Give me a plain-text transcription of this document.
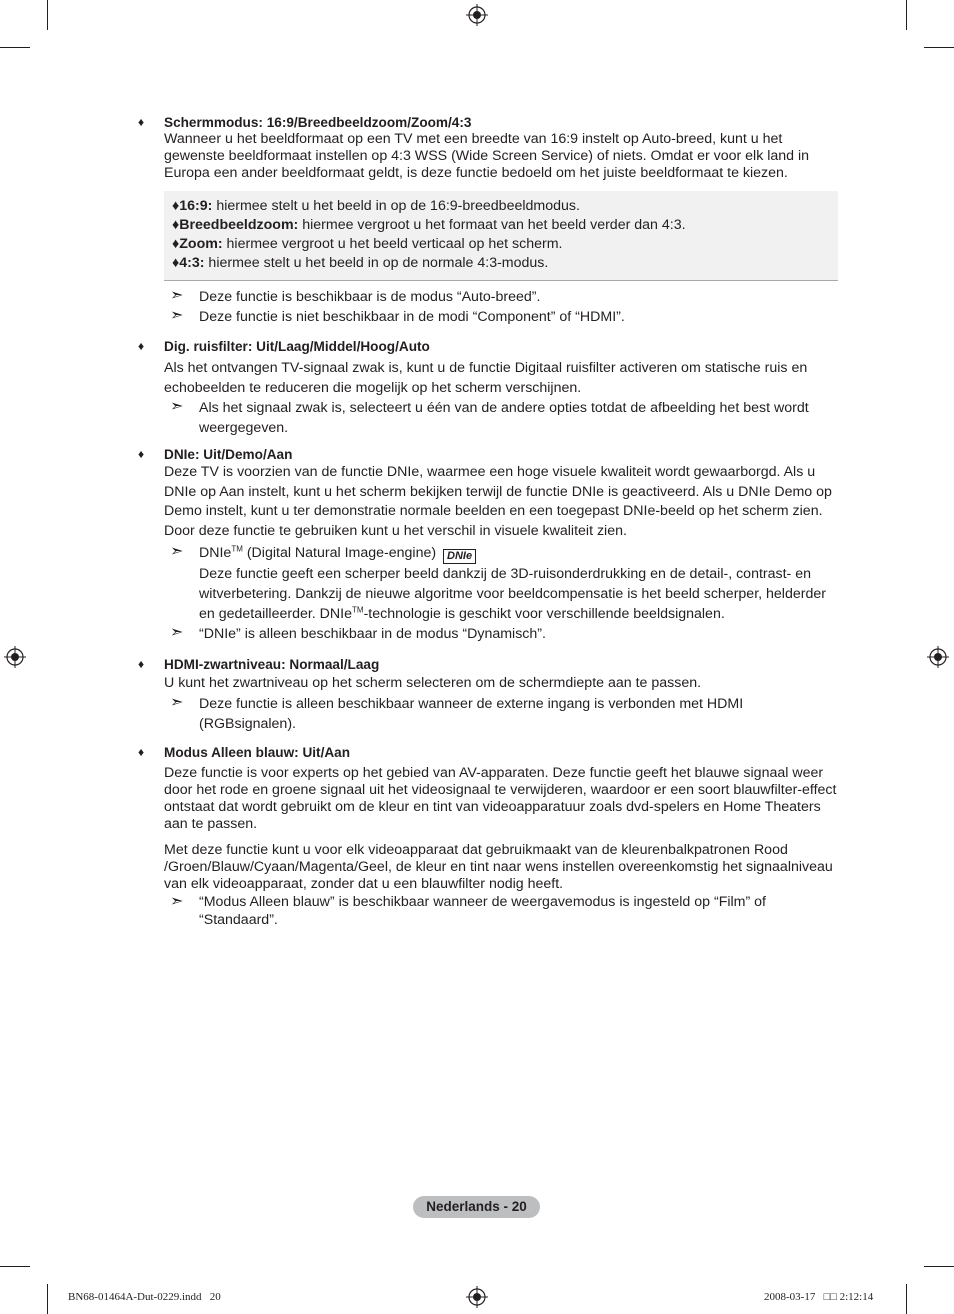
♦ Schermmodus: 16:9/Breedbeeldzoom/Zoom/4:3

Wanneer u het beeldformaat op een TV met een breedte van 16:9 instelt op Auto-breed, kunt u het gewenste beeldformaat instellen op 4:3 WSS (Wide Screen Service) of niets. Omdat er voor elk land in Europa een ander beeldformaat geldt, is deze functie bedoeld om het juiste beeldformaat te kiezen.

♦16:9: hiermee stelt u het beeld in op de 16:9-breedbeeldmodus.
♦Breedbeeldzoom: hiermee vergroot u het formaat van het beeld verder dan 4:3.
♦Zoom: hiermee vergroot u het beeld verticaal op het scherm.
♦4:3: hiermee stelt u het beeld in op de normale 4:3-modus.
➣ Deze functie is beschikbaar is de modus “Auto-breed”.
➣ Deze functie is niet beschikbaar in de modi “Component” of “HDMI”.
♦ Dig. ruisfilter: Uit/Laag/Middel/Hoog/Auto

Als het ontvangen TV-signaal zwak is, kunt u de functie Digitaal ruisfilter activeren om statische ruis en echobeelden te reduceren die mogelijk op het scherm verschijnen.

➣ Als het signaal zwak is, selecteert u één van de andere opties totdat de afbeelding het best wordt weergegeven.
♦ DNIe: Uit/Demo/Aan

Deze TV is voorzien van de functie DNIe, waarmee een hoge visuele kwaliteit wordt gewaarborgd. Als u DNIe op Aan instelt, kunt u het scherm bekijken terwijl de functie DNIe is geactiveerd. Als u DNIe Demo op Demo instelt, kunt u ter demonstratie normale beelden en een toegepast DNIe-beeld op het scherm zien. Door deze functie te gebruiken kunt u het verschil in visuele kwaliteit zien.

➣ DNIe™ (Digital Natural Image-engine) DNIe
Deze functie geeft een scherper beeld dankzij de 3D-ruisonderdrukking en de detail-, contrast- en witverbetering. Dankzij de nieuwe algoritme voor beeldcompensatie is het beeld scherper, helderder en gedetailleerder. DNIe™-technologie is geschikt voor verschillende beeldsignalen.
➣ “DNIe” is alleen beschikbaar in de modus “Dynamisch”.
♦ HDMI-zwartniveau: Normaal/Laag

U kunt het zwartniveau op het scherm selecteren om de schermdiepte aan te passen.

➣ Deze functie is alleen beschikbaar wanneer de externe ingang is verbonden met HDMI (RGBsignalen).
♦ Modus Alleen blauw: Uit/Aan

Deze functie is voor experts op het gebied van AV-apparaten. Deze functie geeft het blauwe signaal weer door het rode en groene signaal uit het videosignaal te verwijderen, waardoor er een soort blauwfilter-effect ontstaat dat wordt gebruikt om de kleur en tint van videoapparatuur zoals dvd-spelers en Home Theaters aan te passen.

Met deze functie kunt u voor elk videoapparaat dat gebruikmaakt van de kleurenbalkpatronen Rood /Groen/Blauw/Cyaan/Magenta/Geel, de kleur en tint naar wens instellen overeenkomstig het signaalniveau van elk videoapparaat, zonder dat u een blauwfilter nodig heeft.

➣ “Modus Alleen blauw” is beschikbaar wanneer de weergavemodus is ingesteld op “Film” of “Standaard”.
Nederlands - 20
BN68-01464A-Dut-0229.indd   20	2008-03-17   □□ 2:12:14
